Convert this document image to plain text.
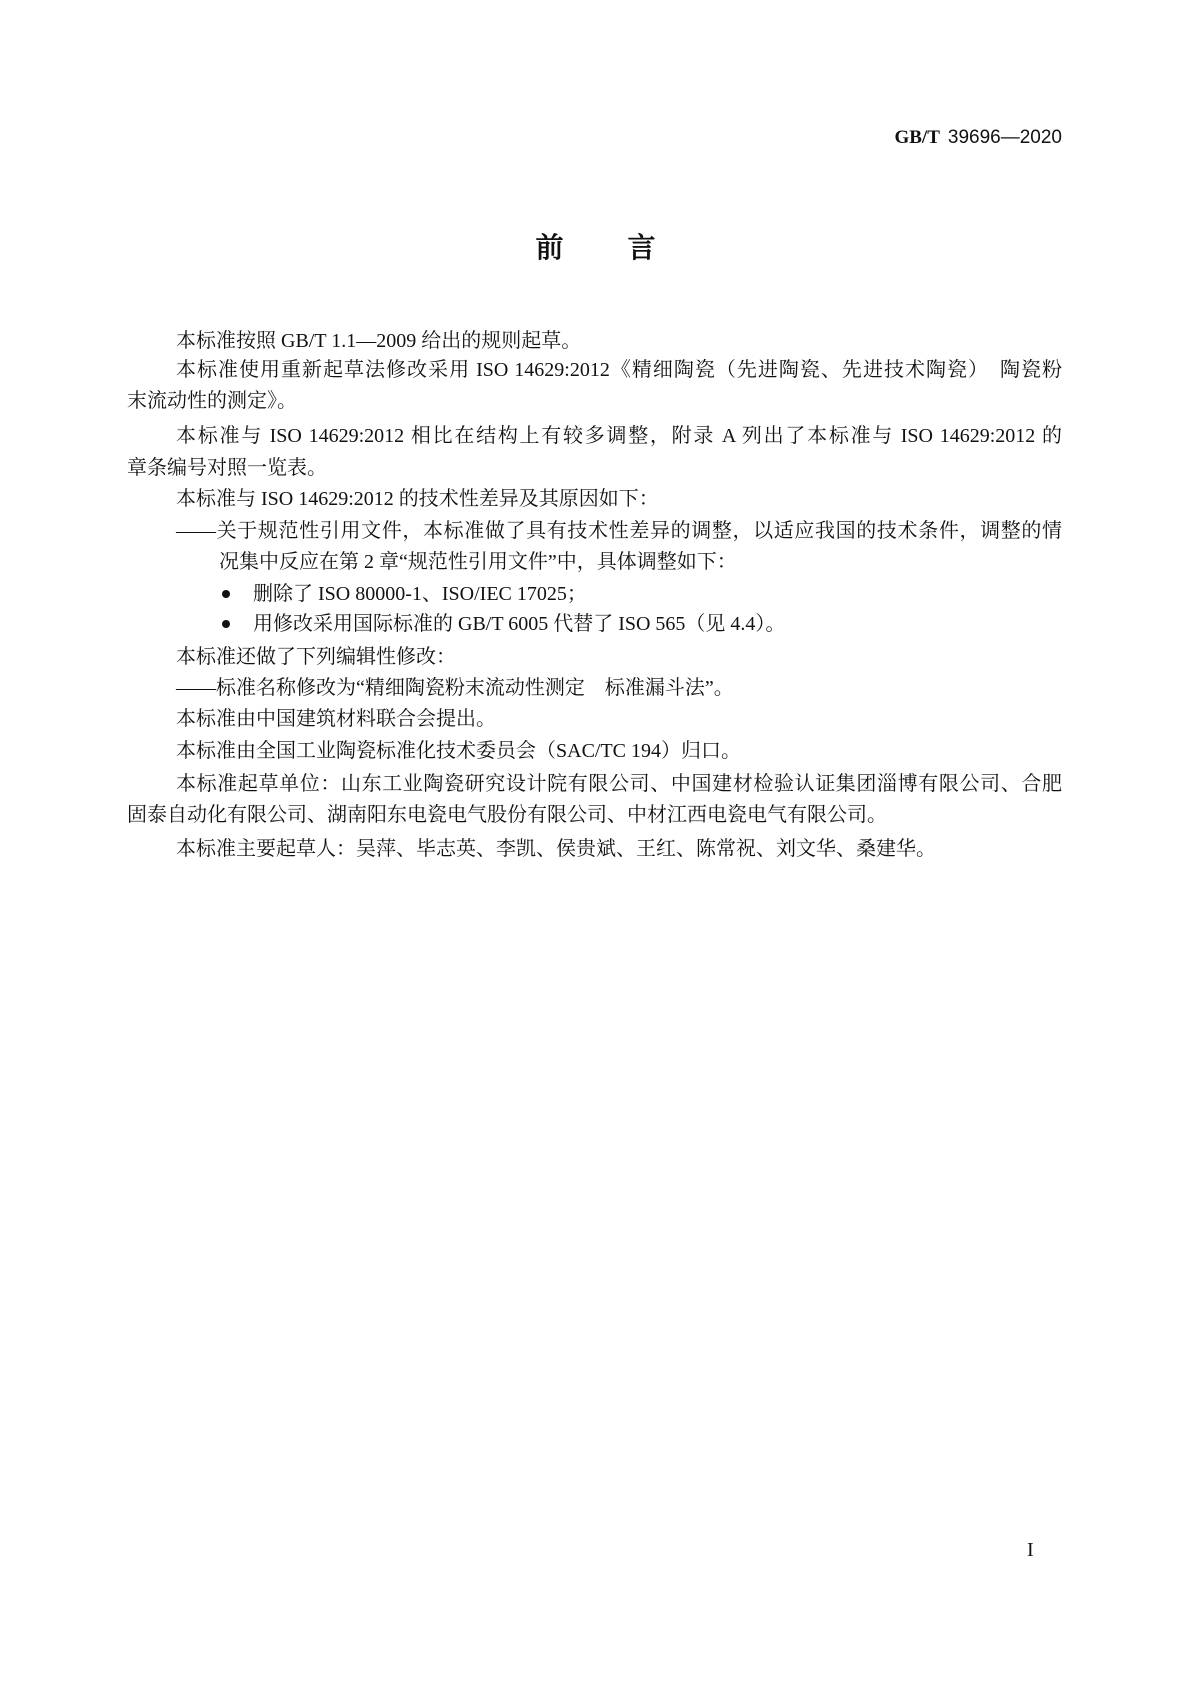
GB/T 39696—2020
前言
本标准按照 GB/T 1.1—2009 给出的规则起草。
本标准使用重新起草法修改采用 ISO 14629:2012《精细陶瓷（先进陶瓷、先进技术陶瓷）　陶瓷粉
末流动性的测定》。
本标准与 ISO 14629:2012 相比在结构上有较多调整，附录 A 列出了本标准与 ISO 14629:2012 的
章条编号对照一览表。
本标准与 ISO 14629:2012 的技术性差异及其原因如下：
——关于规范性引用文件，本标准做了具有技术性差异的调整，以适应我国的技术条件，调整的情
况集中反应在第 2 章“规范性引用文件”中，具体调整如下：
删除了 ISO 80000-1、ISO/IEC 17025；
用修改采用国际标准的 GB/T 6005 代替了 ISO 565（见 4.4）。
本标准还做了下列编辑性修改：
——标准名称修改为“精细陶瓷粉末流动性测定　标准漏斗法”。
本标准由中国建筑材料联合会提出。
本标准由全国工业陶瓷标准化技术委员会（SAC/TC 194）归口。
本标准起草单位：山东工业陶瓷研究设计院有限公司、中国建材检验认证集团淄博有限公司、合肥
固泰自动化有限公司、湖南阳东电瓷电气股份有限公司、中材江西电瓷电气有限公司。
本标准主要起草人：吴萍、毕志英、李凯、侯贵斌、王红、陈常祝、刘文华、桑建华。
I
